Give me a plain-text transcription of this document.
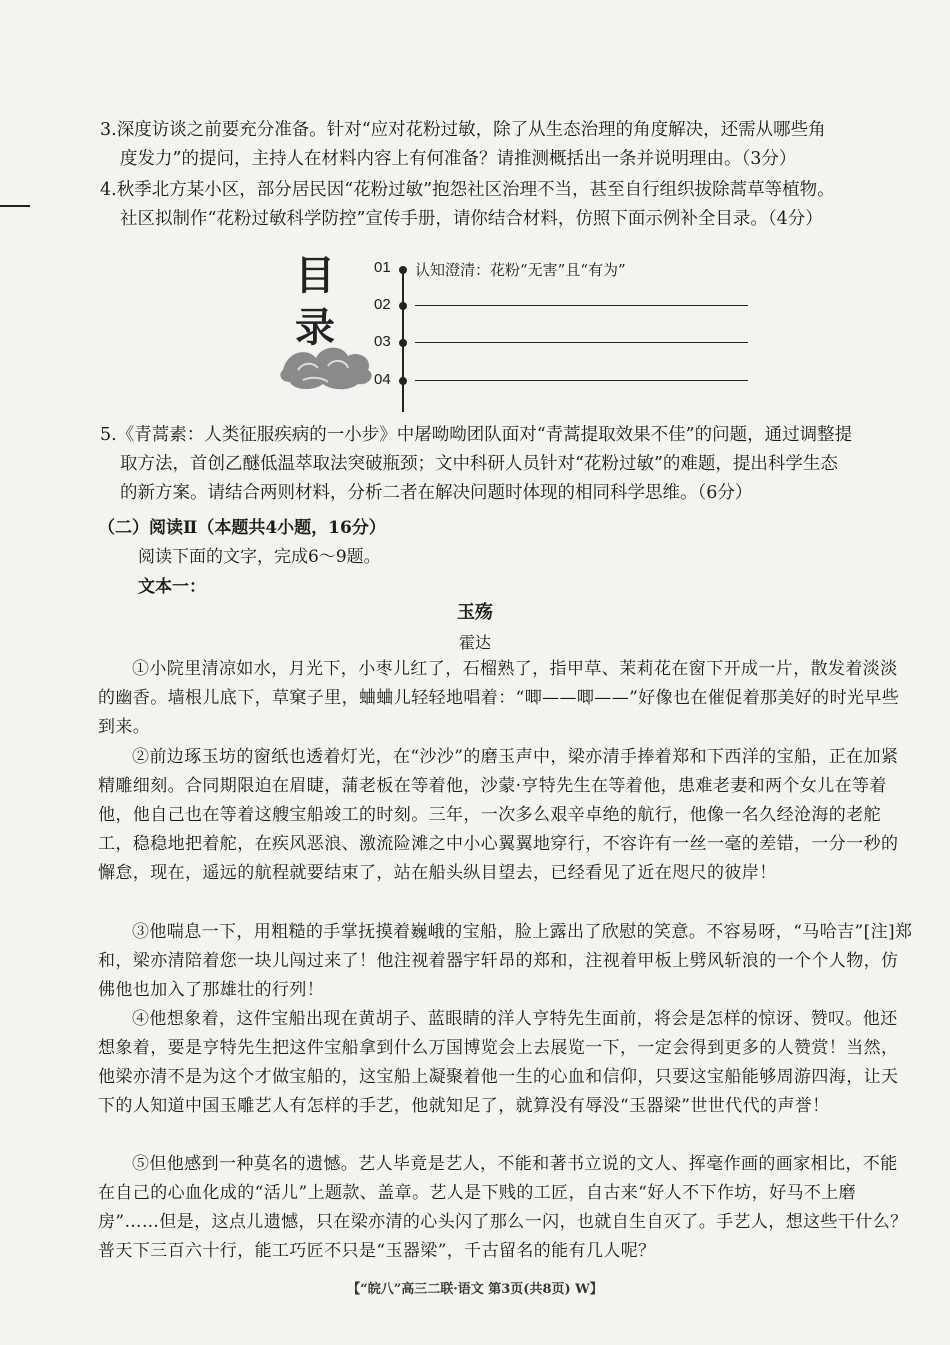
3.深度访谈之前要充分准备。针对“应对花粉过敏，除了从生态治理的角度解决，还需从哪些角

度发力”的提问，主持人在材料内容上有何准备？请推测概括出一条并说明理由。（3分）

4.秋季北方某小区，部分居民因“花粉过敏”抱怨社区治理不当，甚至自行组织拔除蒿草等植物。

社区拟制作“花粉过敏科学防控”宣传手册，请你结合材料，仿照下面示例补全目录。（4分）

目
录
01 认知澄清：花粉“无害”且“有为”
02
03
04

5.《青蒿素：人类征服疾病的一小步》中屠呦呦团队面对“青蒿提取效果不佳”的问题，通过调整提

取方法，首创乙醚低温萃取法突破瓶颈；文中科研人员针对“花粉过敏”的难题，提出科学生态

的新方案。请结合两则材料，分析二者在解决问题时体现的相同科学思维。（6分）

（二）阅读Ⅱ（本题共4小题，16分）
阅读下面的文字，完成6～9题。
文本一：
玉殇
霍达

①小院里清凉如水，月光下，小枣儿红了，石榴熟了，指甲草、茉莉花在窗下开成一片，散发着淡淡的幽香。墙根儿底下，草窠子里，蛐蛐儿轻轻地唱着：“唧——唧——”好像也在催促着那美好的时光早些到来。

②前边琢玉坊的窗纸也透着灯光，在“沙沙”的磨玉声中，梁亦清手捧着郑和下西洋的宝船，正在加紧精雕细刻。合同期限迫在眉睫，蒲老板在等着他，沙蒙·亨特先生在等着他，患难老妻和两个女儿在等着他，他自己也在等着这艘宝船竣工的时刻。三年，一次多么艰辛卓绝的航行，他像一名久经沧海的老舵工，稳稳地把着舵，在疾风恶浪、激流险滩之中小心翼翼地穿行，不容许有一丝一毫的差错，一分一秒的懈怠，现在，遥远的航程就要结束了，站在船头纵目望去，已经看见了近在咫尺的彼岸！

③他喘息一下，用粗糙的手掌抚摸着巍峨的宝船，脸上露出了欣慰的笑意。不容易呀，“马哈吉”[注]郑和，梁亦清陪着您一块儿闯过来了！他注视着器宇轩昂的郑和，注视着甲板上劈风斩浪的一个个人物，仿佛他也加入了那雄壮的行列！

④他想象着，这件宝船出现在黄胡子、蓝眼睛的洋人亨特先生面前，将会是怎样的惊讶、赞叹。他还想象着，要是亨特先生把这件宝船拿到什么万国博览会上去展览一下，一定会得到更多的人赞赏！当然，他梁亦清不是为这个才做宝船的，这宝船上凝聚着他一生的心血和信仰，只要这宝船能够周游四海，让天下的人知道中国玉雕艺人有怎样的手艺，他就知足了，就算没有辱没“玉器梁”世世代代的声誉！

⑤但他感到一种莫名的遗憾。艺人毕竟是艺人，不能和著书立说的文人、挥毫作画的画家相比，不能在自己的心血化成的“活儿”上题款、盖章。艺人是下贱的工匠，自古来“好人不下作坊，好马不上磨房”……但是，这点儿遗憾，只在梁亦清的心头闪了那么一闪，也就自生自灭了。手艺人，想这些干什么？普天下三百六十行，能工巧匠不只是“玉器梁”，千古留名的能有几人呢？

【“皖八”高三二联·语文 第3页(共8页) W】
